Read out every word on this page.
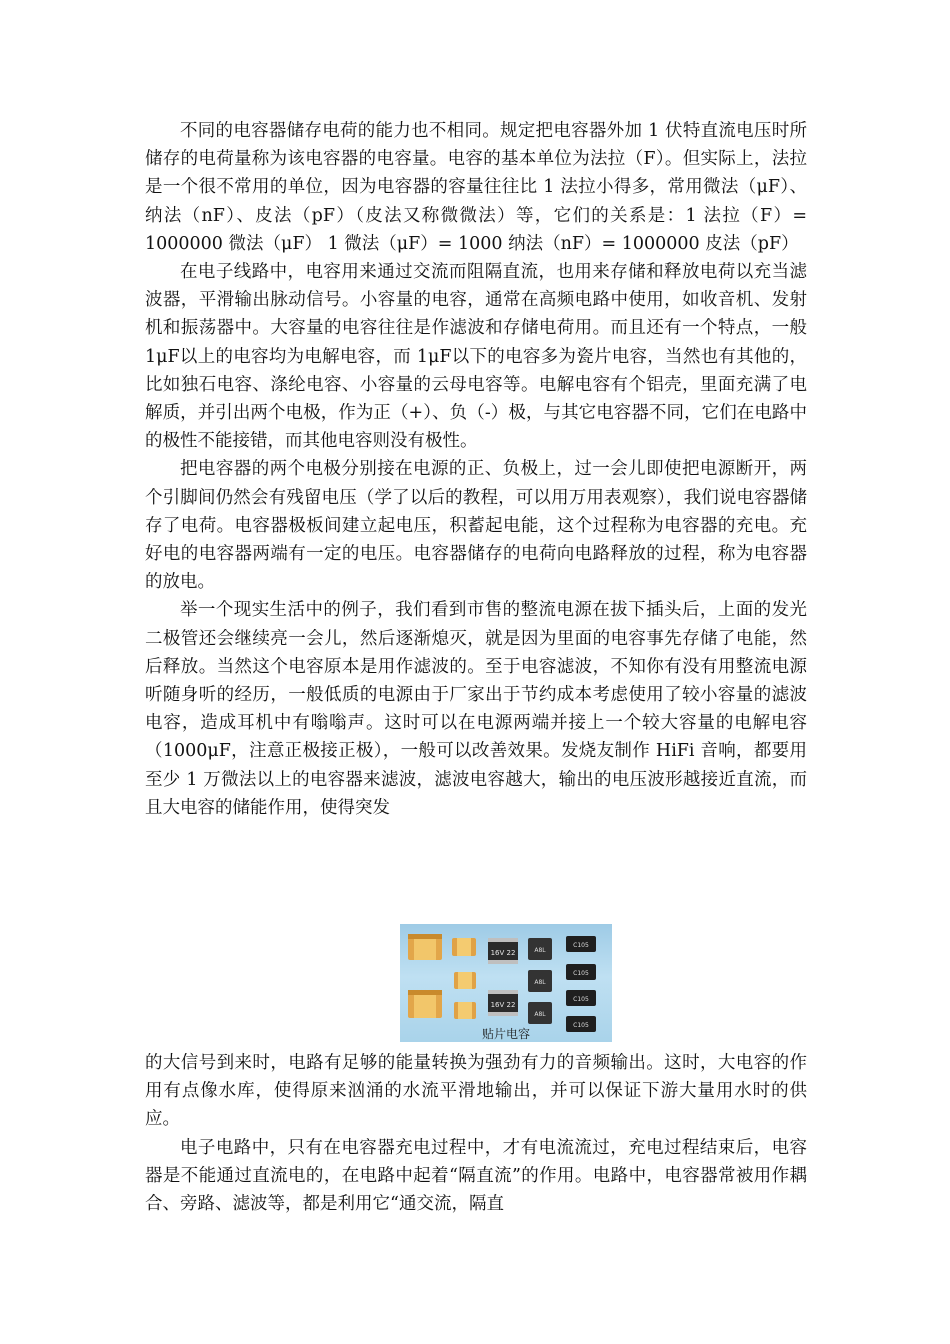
不同的电容器储存电荷的能力也不相同。规定把电容器外加 1 伏特直流电压时所储存的电荷量称为该电容器的电容量。电容的基本单位为法拉（F）。但实际上，法拉是一个很不常用的单位，因为电容器的容量往往比 1 法拉小得多，常用微法（μF）、纳法（nF）、皮法（pF）（皮法又称微微法）等，它们的关系是：1 法拉（F）= 1000000 微法（μF） 1 微法（μF）= 1000 纳法（nF）= 1000000 皮法（pF）

在电子线路中，电容用来通过交流而阻隔直流，也用来存储和释放电荷以充当滤波器，平滑输出脉动信号。小容量的电容，通常在高频电路中使用，如收音机、发射机和振荡器中。大容量的电容往往是作滤波和存储电荷用。而且还有一个特点，一般 1μF以上的电容均为电解电容，而 1μF以下的电容多为瓷片电容，当然也有其他的，比如独石电容、涤纶电容、小容量的云母电容等。电解电容有个铝壳，里面充满了电解质，并引出两个电极，作为正（+）、负（-）极，与其它电容器不同，它们在电路中的极性不能接错，而其他电容则没有极性。

把电容器的两个电极分别接在电源的正、负极上，过一会儿即使把电源断开，两个引脚间仍然会有残留电压（学了以后的教程，可以用万用表观察），我们说电容器储存了电荷。电容器极板间建立起电压，积蓄起电能，这个过程称为电容器的充电。充好电的电容器两端有一定的电压。电容器储存的电荷向电路释放的过程，称为电容器的放电。

举一个现实生活中的例子，我们看到市售的整流电源在拔下插头后，上面的发光二极管还会继续亮一会儿，然后逐渐熄灭，就是因为里面的电容事先存储了电能，然后释放。当然这个电容原本是用作滤波的。至于电容滤波，不知你有没有用整流电源听随身听的经历，一般低质的电源由于厂家出于节约成本考虑使用了较小容量的滤波电容，造成耳机中有嗡嗡声。这时可以在电源两端并接上一个较大容量的电解电容（1000μF，注意正极接正极），一般可以改善效果。发烧友制作 HiFi 音响，都要用至少 1 万微法以上的电容器来滤波，滤波电容越大，输出的电压波形越接近直流，而且大电容的储能作用，使得突发

16V 22
16V 22
A8L
A8L
A8L
C105
C105
C105
C105
贴片电容

的大信号到来时，电路有足够的能量转换为强劲有力的音频输出。这时，大电容的作用有点像水库，使得原来汹涌的水流平滑地输出，并可以保证下游大量用水时的供应。

电子电路中，只有在电容器充电过程中，才有电流流过，充电过程结束后，电容器是不能通过直流电的，在电路中起着“隔直流”的作用。电路中，电容器常被用作耦合、旁路、滤波等，都是利用它“通交流，隔直
